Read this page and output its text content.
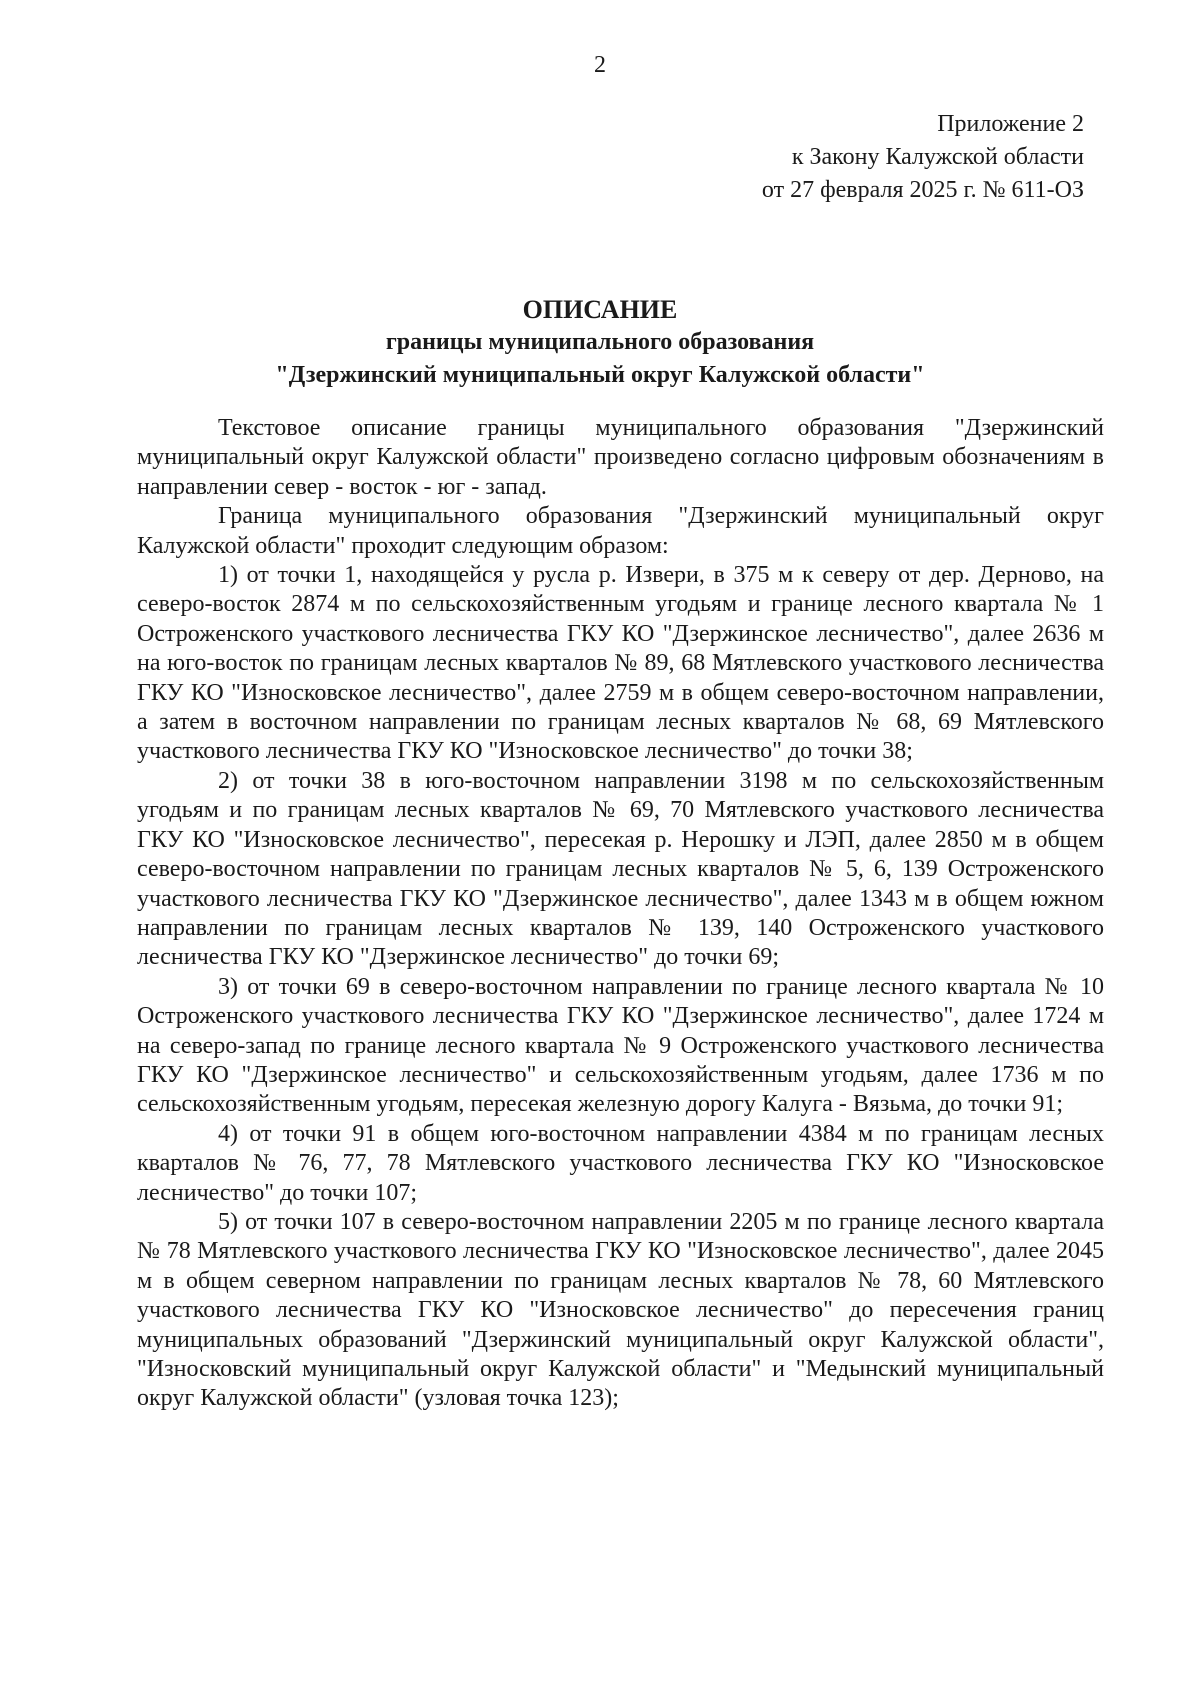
2
Приложение 2
к Закону Калужской области
от 27 февраля 2025 г. № 611-ОЗ
ОПИСАНИЕ
границы муниципального образования
"Дзержинский муниципальный округ Калужской области"

Текстовое описание границы муниципального образования "Дзержинский муниципальный округ Калужской области" произведено согласно цифровым обозначениям в направлении север - восток - юг - запад.

Граница муниципального образования "Дзержинский муниципальный округ Калужской области" проходит следующим образом:

1) от точки 1, находящейся у русла р. Извери, в 375 м к северу от дер. Дерново, на северо-восток 2874 м по сельскохозяйственным угодьям и границе лесного квартала № 1 Остроженского участкового лесничества ГКУ КО "Дзержинское лесничество", далее 2636 м на юго-восток по границам лесных кварталов № 89, 68 Мятлевского участкового лесничества ГКУ КО "Износковское лесничество", далее 2759 м в общем северо-восточном направлении, а затем в восточном направлении по границам лесных кварталов № 68, 69 Мятлевского участкового лесничества ГКУ КО "Износковское лесничество" до точки 38;

2) от точки 38 в юго-восточном направлении 3198 м по сельскохозяйственным угодьям и по границам лесных кварталов № 69, 70 Мятлевского участкового лесничества ГКУ КО "Износковское лесничество", пересекая р. Нерошку и ЛЭП, далее 2850 м в общем северо-восточном направлении по границам лесных кварталов № 5, 6, 139 Остроженского участкового лесничества ГКУ КО "Дзержинское лесничество", далее 1343 м в общем южном направлении по границам лесных кварталов № 139, 140 Остроженского участкового лесничества ГКУ КО "Дзержинское лесничество" до точки 69;

3) от точки 69 в северо-восточном направлении по границе лесного квартала № 10 Остроженского участкового лесничества ГКУ КО "Дзержинское лесничество", далее 1724 м на северо-запад по границе лесного квартала № 9 Остроженского участкового лесничества ГКУ КО "Дзержинское лесничество" и сельскохозяйственным угодьям, далее 1736 м по сельскохозяйственным угодьям, пересекая железную дорогу Калуга - Вязьма, до точки 91;

4) от точки 91 в общем юго-восточном направлении 4384 м по границам лесных кварталов № 76, 77, 78 Мятлевского участкового лесничества ГКУ КО "Износковское лесничество" до точки 107;

5) от точки 107 в северо-восточном направлении 2205 м по границе лесного квартала № 78 Мятлевского участкового лесничества ГКУ КО "Износковское лесничество", далее 2045 м в общем северном направлении по границам лесных кварталов № 78, 60 Мятлевского участкового лесничества ГКУ КО "Износковское лесничество" до пересечения границ муниципальных образований "Дзержинский муниципальный округ Калужской области", "Износковский муниципальный округ Калужской области" и "Медынский муниципальный округ Калужской области" (узловая точка 123);
